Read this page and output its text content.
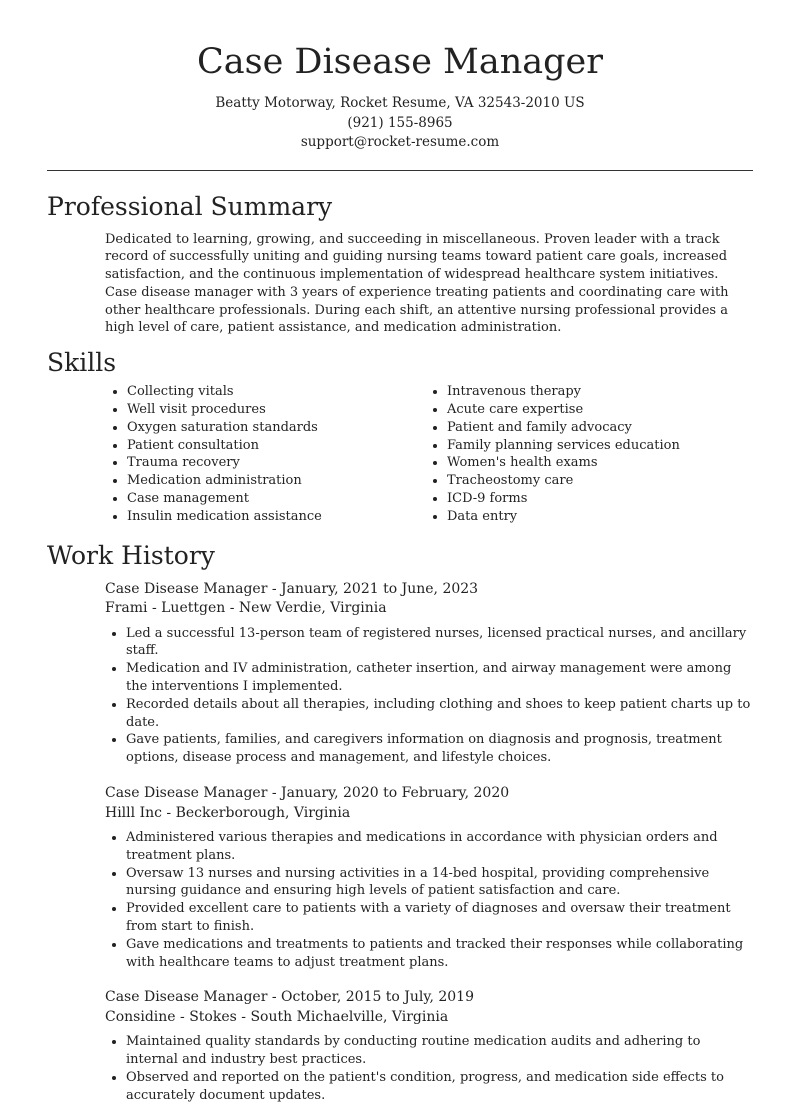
Case Disease Manager
Beatty Motorway, Rocket Resume, VA 32543-2010 US
(921) 155-8965
support@rocket-resume.com
Professional Summary

Dedicated to learning, growing, and succeeding in miscellaneous. Proven leader with a track record of successfully uniting and guiding nursing teams toward patient care goals, increased satisfaction, and the continuous implementation of widespread healthcare system initiatives. Case disease manager with 3 years of experience treating patients and coordinating care with other healthcare professionals. During each shift, an attentive nursing professional provides a high level of care, patient assistance, and medication administration.

Skills
• Collecting vitals
• Well visit procedures
• Oxygen saturation standards
• Patient consultation
• Trauma recovery
• Medication administration
• Case management
• Insulin medication assistance
• Intravenous therapy
• Acute care expertise
• Patient and family advocacy
• Family planning services education
• Women's health exams
• Tracheostomy care
• ICD-9 forms
• Data entry
Work History
Case Disease Manager - January, 2021 to June, 2023
Frami - Luettgen - New Verdie, Virginia
• Led a successful 13-person team of registered nurses, licensed practical nurses, and ancillary staff.
• Medication and IV administration, catheter insertion, and airway management were among the interventions I implemented.
• Recorded details about all therapies, including clothing and shoes to keep patient charts up to date.
• Gave patients, families, and caregivers information on diagnosis and prognosis, treatment options, disease process and management, and lifestyle choices.
Case Disease Manager - January, 2020 to February, 2020
Hilll Inc - Beckerborough, Virginia
• Administered various therapies and medications in accordance with physician orders and treatment plans.
• Oversaw 13 nurses and nursing activities in a 14-bed hospital, providing comprehensive nursing guidance and ensuring high levels of patient satisfaction and care.
• Provided excellent care to patients with a variety of diagnoses and oversaw their treatment from start to finish.
• Gave medications and treatments to patients and tracked their responses while collaborating with healthcare teams to adjust treatment plans.
Case Disease Manager - October, 2015 to July, 2019
Considine - Stokes - South Michaelville, Virginia
• Maintained quality standards by conducting routine medication audits and adhering to internal and industry best practices.
• Observed and reported on the patient's condition, progress, and medication side effects to accurately document updates.
